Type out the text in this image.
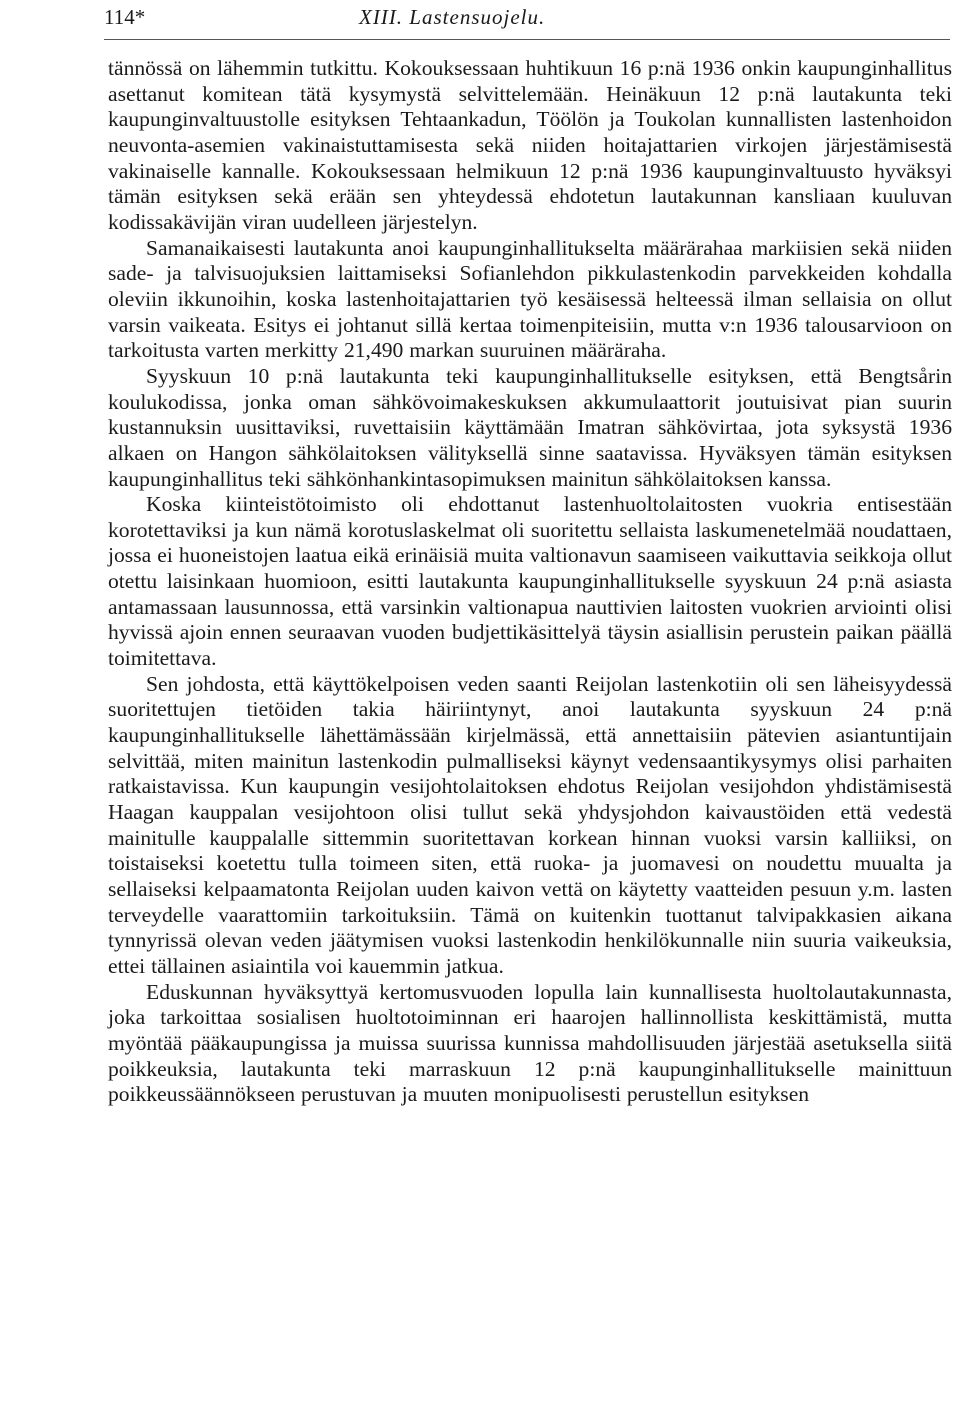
114*	XIII. Lastensuojelu.

tännössä on lähemmin tutkittu. Kokouksessaan huhtikuun 16 p:nä 1936 onkin kaupunginhallitus asettanut komitean tätä kysymystä selvittelemään. Heinäkuun 12 p:nä lautakunta teki kaupunginvaltuustolle esityksen Tehtaankadun, Töölön ja Toukolan kunnallisten lastenhoidon neuvonta-asemien vakinaistuttamisesta sekä niiden hoitajattarien virkojen järjestämisestä vakinaiselle kannalle. Kokouksessaan helmikuun 12 p:nä 1936 kaupunginvaltuusto hyväksyi tämän esityksen sekä erään sen yhteydessä ehdotetun lautakunnan kansliaan kuuluvan kodissakävijän viran uudelleen järjestelyn.

Samanaikaisesti lautakunta anoi kaupunginhallitukselta määrärahaa markiisien sekä niiden sade- ja talvisuojuksien laittamiseksi Sofianlehdon pikkulastenkodin parvekkeiden kohdalla oleviin ikkunoihin, koska lastenhoitajattarien työ kesäisessä helteessä ilman sellaisia on ollut varsin vaikeata. Esitys ei johtanut sillä kertaa toimenpiteisiin, mutta v:n 1936 talousarvioon on tarkoitusta varten merkitty 21,490 markan suuruinen määräraha.

Syyskuun 10 p:nä lautakunta teki kaupunginhallitukselle esityksen, että Bengtsårin koulukodissa, jonka oman sähkövoimakeskuksen akkumulaattorit joutuisivat pian suurin kustannuksin uusittaviksi, ruvettaisiin käyttämään Imatran sähkövirtaa, jota syksystä 1936 alkaen on Hangon sähkölaitoksen välityksellä sinne saatavissa. Hyväksyen tämän esityksen kaupunginhallitus teki sähkönhankintasopimuksen mainitun sähkölaitoksen kanssa.

Koska kiinteistötoimisto oli ehdottanut lastenhuoltolaitosten vuokria entisestään korotettaviksi ja kun nämä korotuslaskelmat oli suoritettu sellaista laskumenetelmää noudattaen, jossa ei huoneistojen laatua eikä erinäisiä muita valtionavun saamiseen vaikuttavia seikkoja ollut otettu laisinkaan huomioon, esitti lautakunta kaupunginhallitukselle syyskuun 24 p:nä asiasta antamassaan lausunnossa, että varsinkin valtionapua nauttivien laitosten vuokrien arviointi olisi hyvissä ajoin ennen seuraavan vuoden budjettikäsittelyä täysin asiallisin perustein paikan päällä toimitettava.

Sen johdosta, että käyttökelpoisen veden saanti Reijolan lastenkotiin oli sen läheisyydessä suoritettujen tietöiden takia häiriintynyt, anoi lautakunta syyskuun 24 p:nä kaupunginhallitukselle lähettämässään kirjelmässä, että annettaisiin pätevien asiantuntijain selvittää, miten mainitun lastenkodin pulmalliseksi käynyt vedensaantikysymys olisi parhaiten ratkaistavissa. Kun kaupungin vesijohtolaitoksen ehdotus Reijolan vesijohdon yhdistämisestä Haagan kauppalan vesijohtoon olisi tullut sekä yhdysjohdon kaivaustöiden että vedestä mainitulle kauppalalle sittemmin suoritettavan korkean hinnan vuoksi varsin kalliiksi, on toistaiseksi koetettu tulla toimeen siten, että ruoka- ja juomavesi on noudettu muualta ja sellaiseksi kelpaamatonta Reijolan uuden kaivon vettä on käytetty vaatteiden pesuun y.m. lasten terveydelle vaarattomiin tarkoituksiin. Tämä on kuitenkin tuottanut talvipakkasien aikana tynnyrissä olevan veden jäätymisen vuoksi lastenkodin henkilökunnalle niin suuria vaikeuksia, ettei tällainen asiaintila voi kauemmin jatkua.

Eduskunnan hyväksyttyä kertomusvuoden lopulla lain kunnallisesta huoltolautakunnasta, joka tarkoittaa sosialisen huoltotoiminnan eri haarojen hallinnollista keskittämistä, mutta myöntää pääkaupungissa ja muissa suurissa kunnissa mahdollisuuden järjestää asetuksella siitä poikkeuksia, lautakunta teki marraskuun 12 p:nä kaupunginhallitukselle mainittuun poikkeussäännökseen perustuvan ja muuten monipuolisesti perustellun esityksen
